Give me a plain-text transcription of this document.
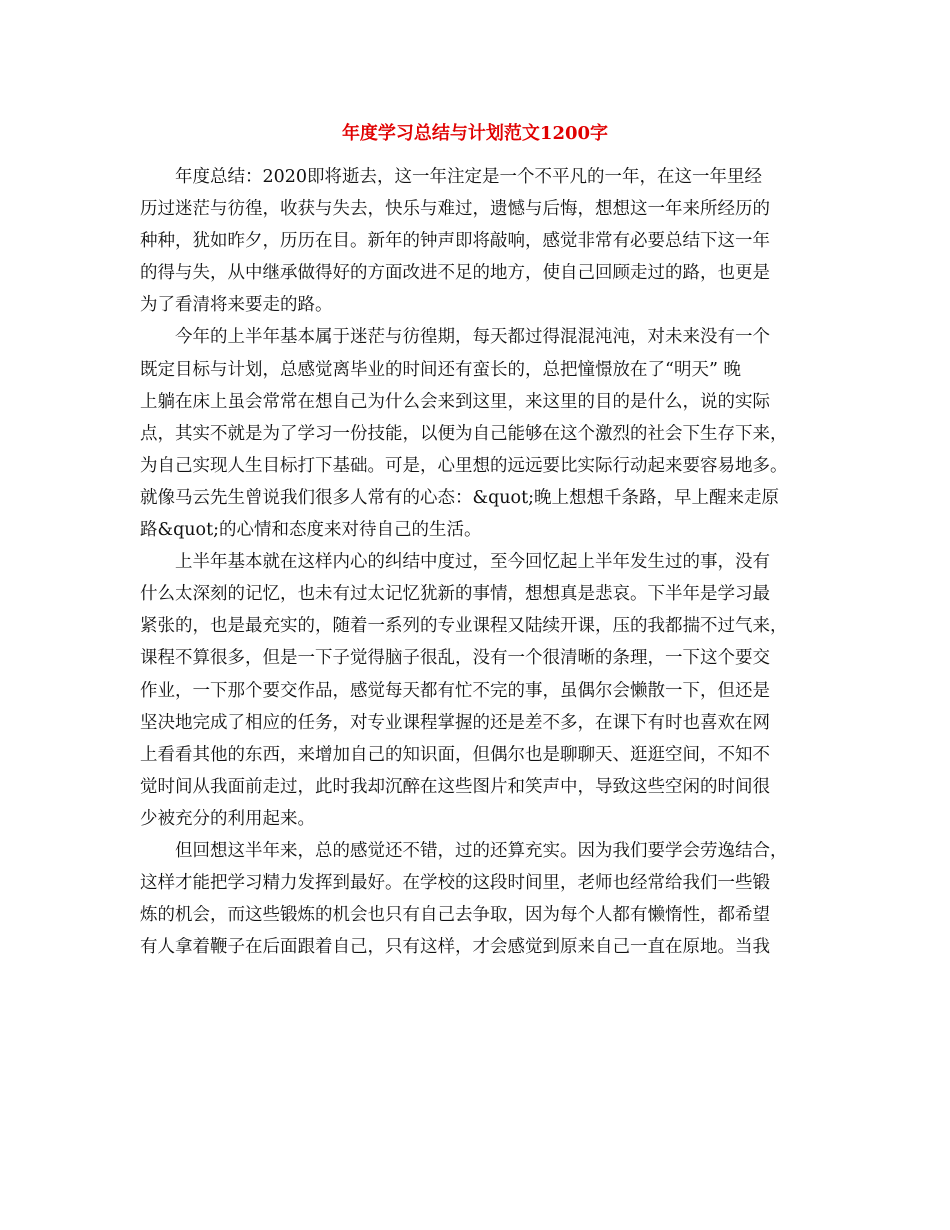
年度学习总结与计划范文1200字

年度总结：2020即将逝去，这一年注定是一个不平凡的一年，在这一年里经
历过迷茫与彷徨，收获与失去，快乐与难过，遗憾与后悔，想想这一年来所经历的
种种，犹如昨夕，历历在目。新年的钟声即将敲响，感觉非常有必要总结下这一年
的得与失，从中继承做得好的方面改进不足的地方，使自己回顾走过的路，也更是
为了看清将来要走的路。

今年的上半年基本属于迷茫与彷徨期，每天都过得混混沌沌，对未来没有一个
既定目标与计划，总感觉离毕业的时间还有蛮长的，总把憧憬放在了“明天” 晚
上躺在床上虽会常常在想自己为什么会来到这里，来这里的目的是什么，说的实际
点，其实不就是为了学习一份技能，以便为自己能够在这个激烈的社会下生存下来，
为自己实现人生目标打下基础。可是，心里想的远远要比实际行动起来要容易地多。
就像马云先生曾说我们很多人常有的心态：&quot;晚上想想千条路，早上醒来走原
路&quot;的心情和态度来对待自己的生活。

上半年基本就在这样内心的纠结中度过，至今回忆起上半年发生过的事，没有
什么太深刻的记忆，也未有过太记忆犹新的事情，想想真是悲哀。下半年是学习最
紧张的，也是最充实的，随着一系列的专业课程又陆续开课，压的我都揣不过气来，
课程不算很多，但是一下子觉得脑子很乱，没有一个很清晰的条理，一下这个要交
作业，一下那个要交作品，感觉每天都有忙不完的事，虽偶尔会懒散一下，但还是
坚决地完成了相应的任务，对专业课程掌握的还是差不多，在课下有时也喜欢在网
上看看其他的东西，来增加自己的知识面，但偶尔也是聊聊天、逛逛空间，不知不
觉时间从我面前走过，此时我却沉醉在这些图片和笑声中，导致这些空闲的时间很
少被充分的利用起来。

但回想这半年来，总的感觉还不错，过的还算充实。因为我们要学会劳逸结合，
这样才能把学习精力发挥到最好。在学校的这段时间里，老师也经常给我们一些锻
炼的机会，而这些锻炼的机会也只有自己去争取，因为每个人都有懒惰性，都希望
有人拿着鞭子在后面跟着自己，只有这样，才会感觉到原来自己一直在原地。当我
